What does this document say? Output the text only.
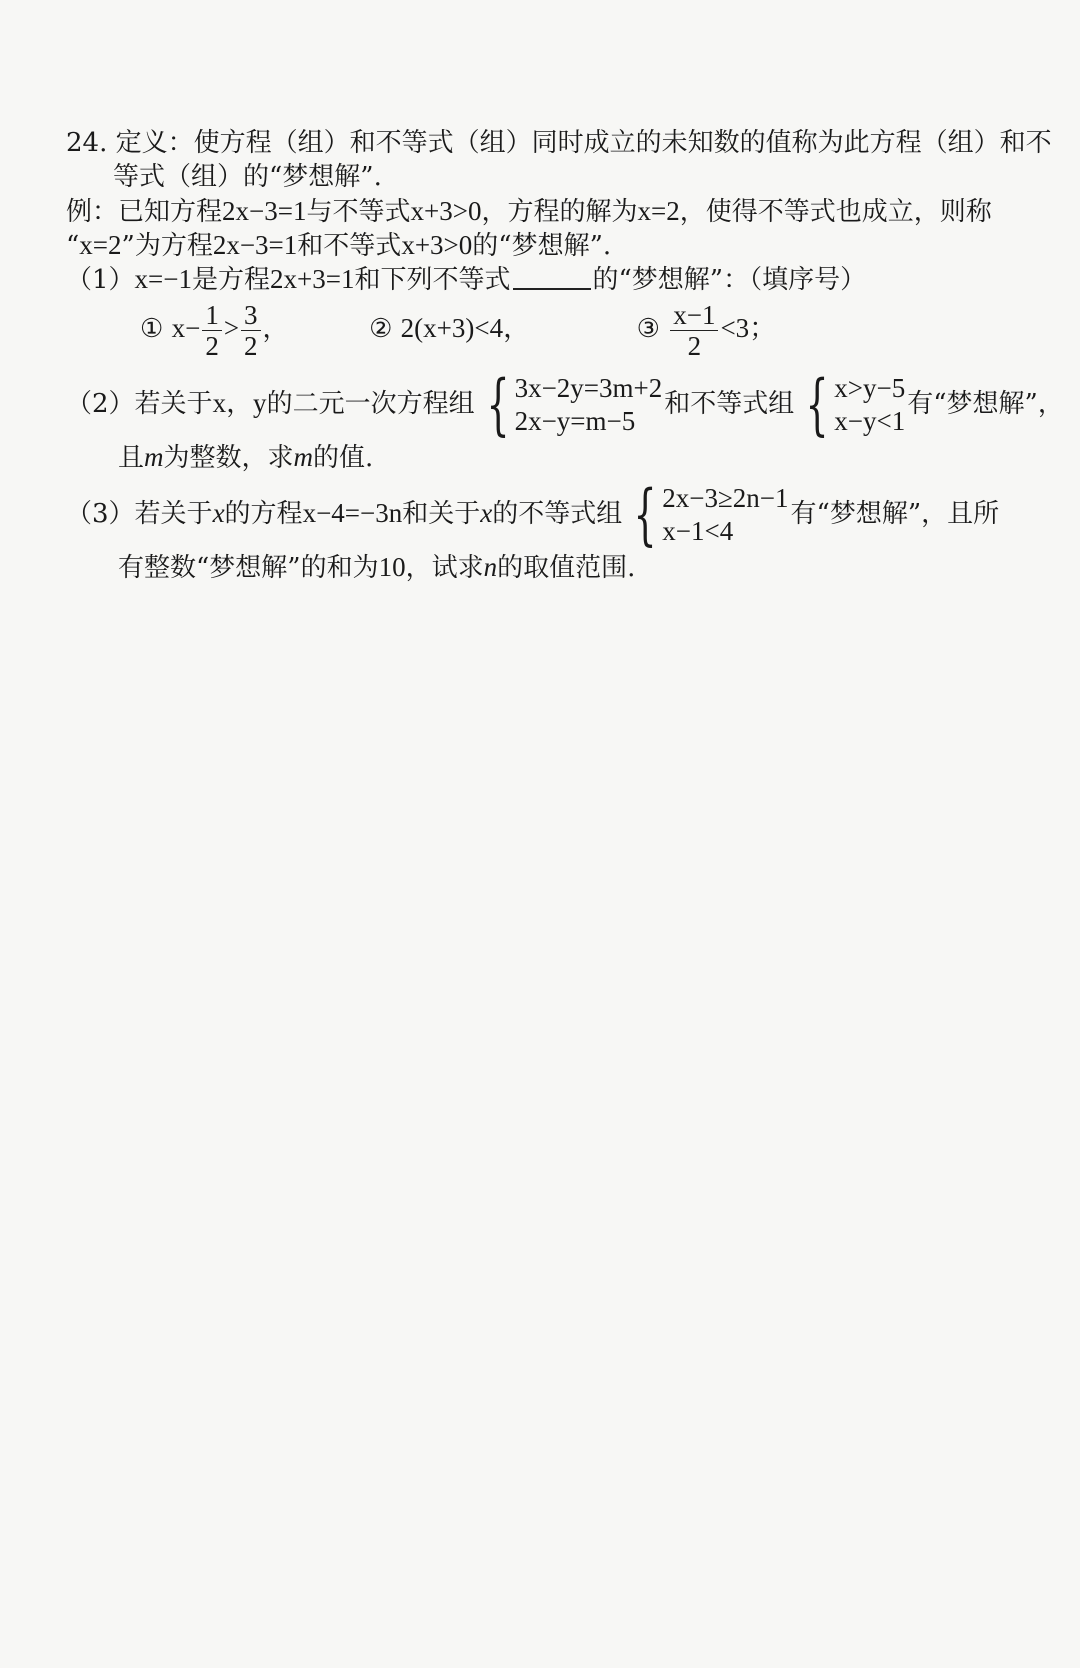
24. 定义：使方程（组）和不等式（组）同时成立的未知数的值称为此方程（组）和不
等式（组）的“梦想解”.
例：已知方程2x−3=1与不等式x+3>0，方程的解为x=2，使得不等式也成立，则称
“x=2”为方程2x−3=1和不等式x+3>0的“梦想解”.
（1）x=−1是方程2x+3=1和下列不等式	的“梦想解”：（填序号）
① $x- \frac{1}{2} > \frac{3}{2}$ ，	② 2(x+3)<4，	③ $\frac{x-1}{2} <3$；
（2）若关于x，y的二元一次方程组 { 3x−2y=3m+2
2x−y=m−5
和不等式组 { x>y−5
x−y<1
有“梦想解”，
且m为整数，求m的值.
（3）若关于x的方程x−4=−3n和关于x的不等式组 { 2x−3≥2n−1
x−1<4
有“梦想解”，且所
有整数“梦想解”的和为10，试求n的取值范围.
